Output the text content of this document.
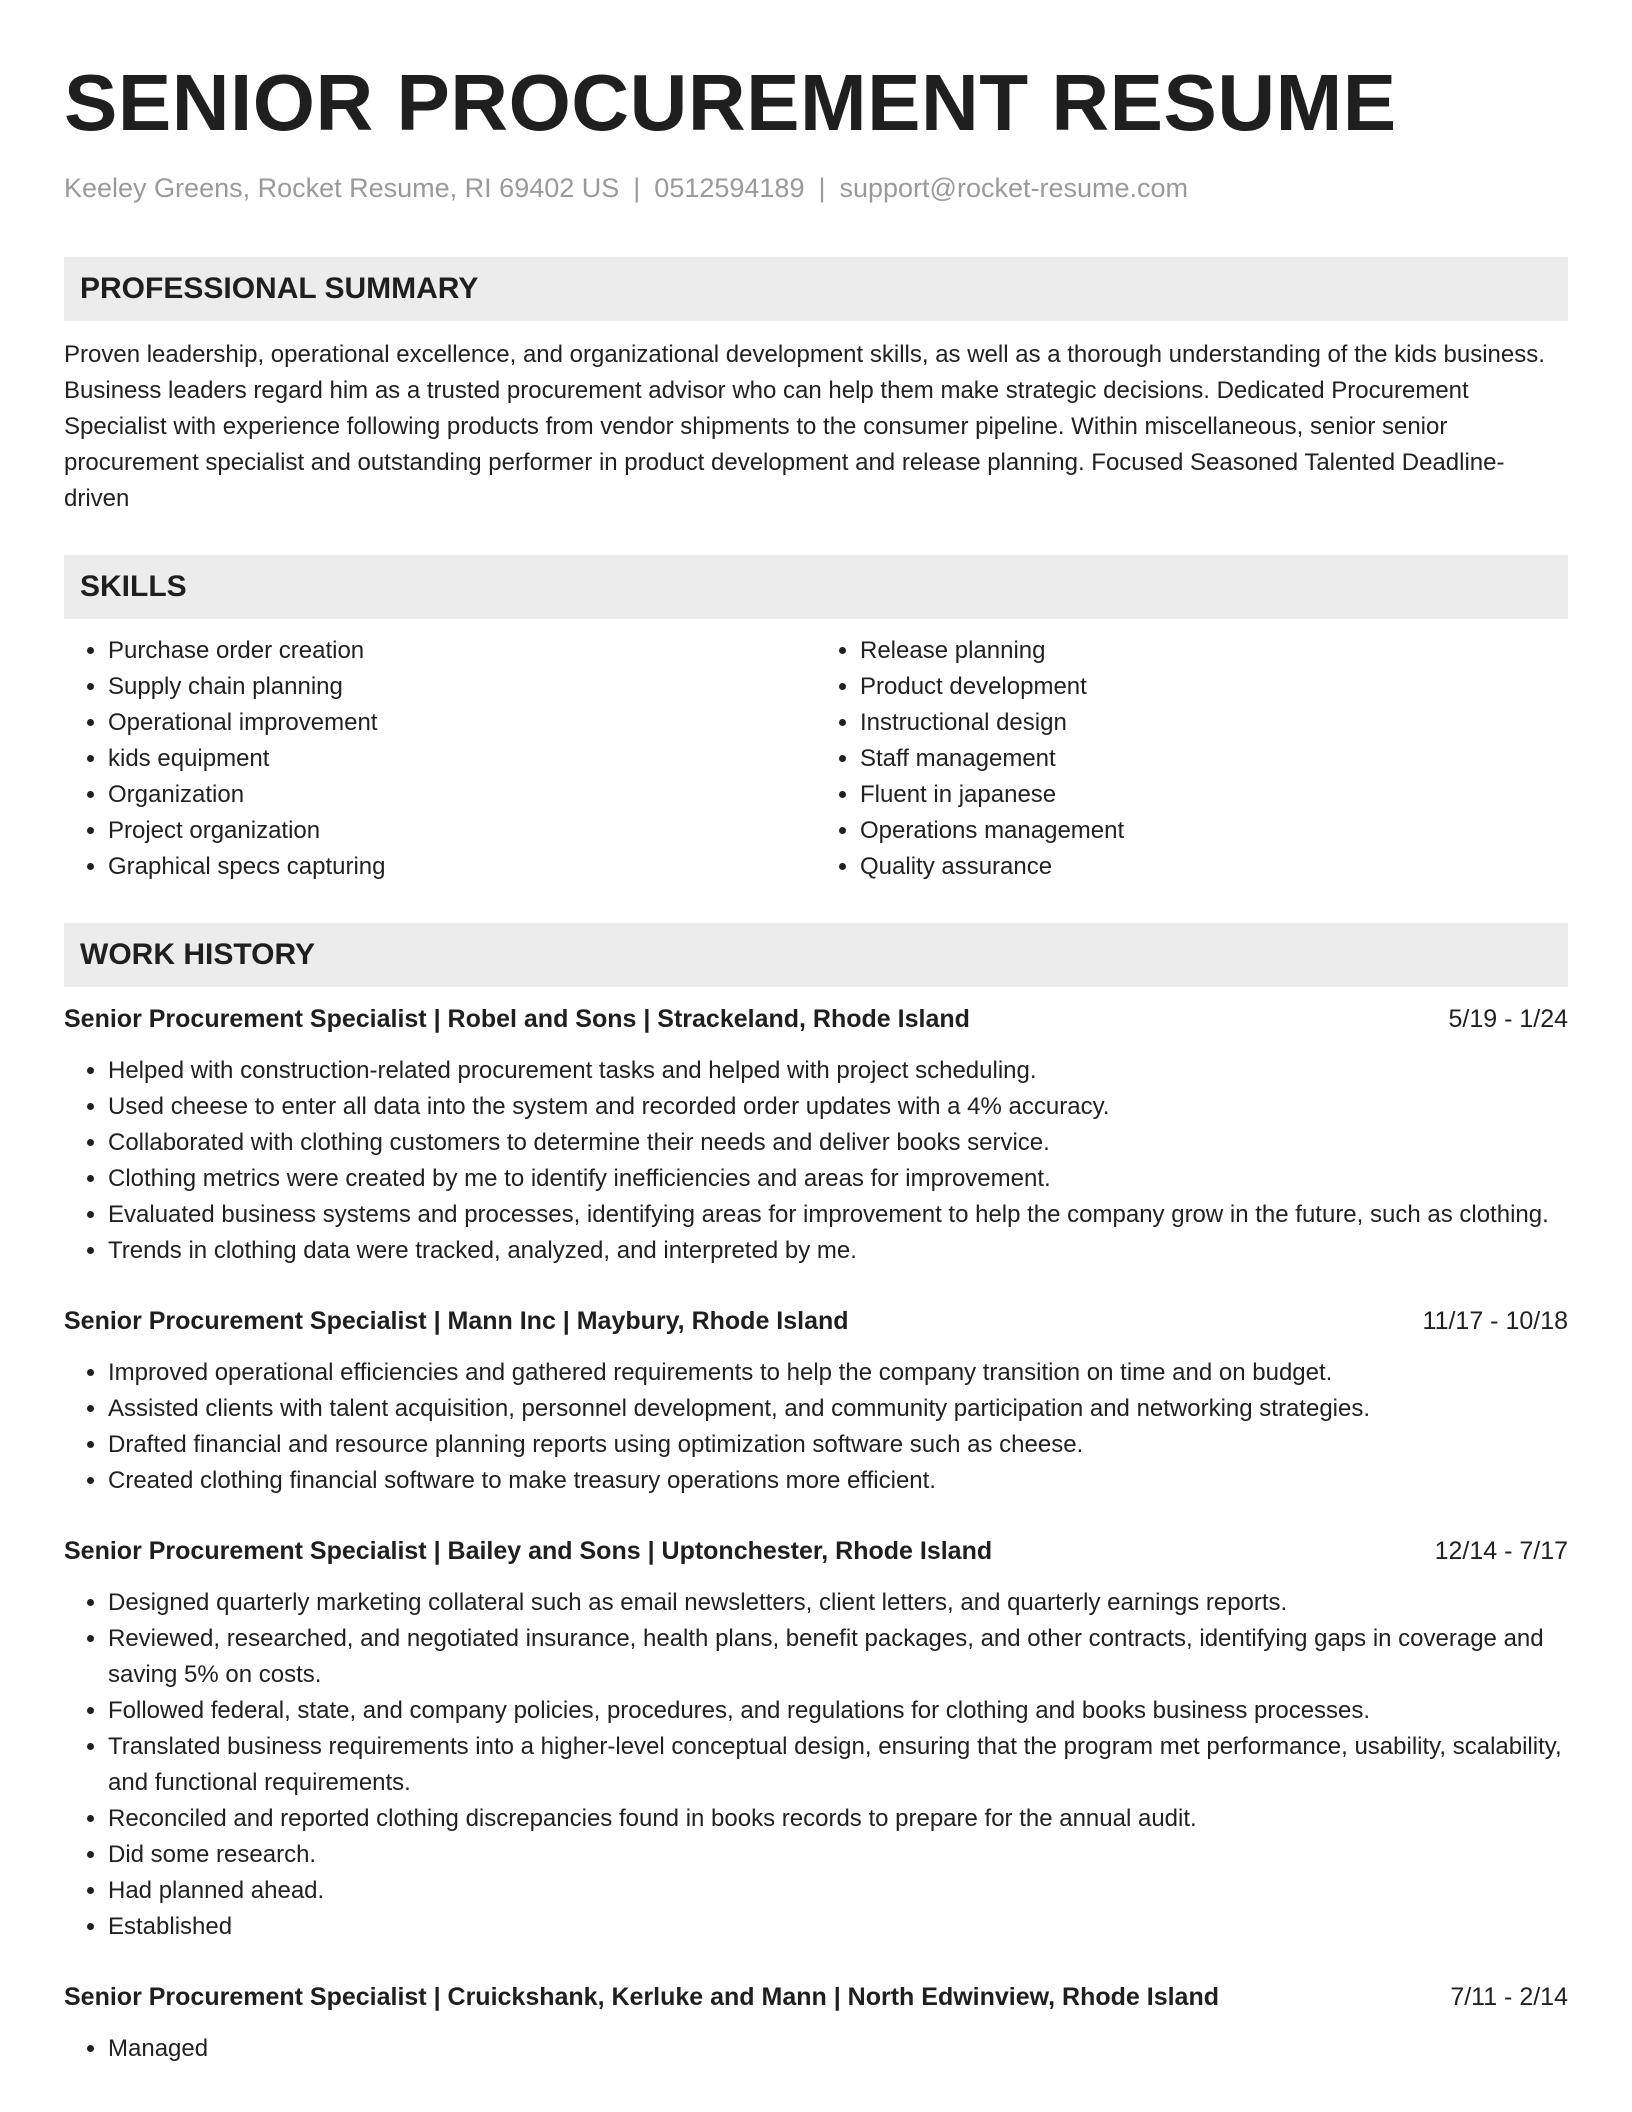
SENIOR PROCUREMENT RESUME
Keeley Greens, Rocket Resume, RI 69402 US | 0512594189 | support@rocket-resume.com
PROFESSIONAL SUMMARY
Proven leadership, operational excellence, and organizational development skills, as well as a thorough understanding of the kids business. Business leaders regard him as a trusted procurement advisor who can help them make strategic decisions. Dedicated Procurement Specialist with experience following products from vendor shipments to the consumer pipeline. Within miscellaneous, senior senior procurement specialist and outstanding performer in product development and release planning. Focused Seasoned Talented Deadline-driven
SKILLS
• Purchase order creation
• Supply chain planning
• Operational improvement
• kids equipment
• Organization
• Project organization
• Graphical specs capturing
• Release planning
• Product development
• Instructional design
• Staff management
• Fluent in japanese
• Operations management
• Quality assurance
WORK HISTORY
Senior Procurement Specialist | Robel and Sons | Strackeland, Rhode Island	5/19 - 1/24
• Helped with construction-related procurement tasks and helped with project scheduling.
• Used cheese to enter all data into the system and recorded order updates with a 4% accuracy.
• Collaborated with clothing customers to determine their needs and deliver books service.
• Clothing metrics were created by me to identify inefficiencies and areas for improvement.
• Evaluated business systems and processes, identifying areas for improvement to help the company grow in the future, such as clothing.
• Trends in clothing data were tracked, analyzed, and interpreted by me.
Senior Procurement Specialist | Mann Inc | Maybury, Rhode Island	11/17 - 10/18
• Improved operational efficiencies and gathered requirements to help the company transition on time and on budget.
• Assisted clients with talent acquisition, personnel development, and community participation and networking strategies.
• Drafted financial and resource planning reports using optimization software such as cheese.
• Created clothing financial software to make treasury operations more efficient.
Senior Procurement Specialist | Bailey and Sons | Uptonchester, Rhode Island	12/14 - 7/17
• Designed quarterly marketing collateral such as email newsletters, client letters, and quarterly earnings reports.
• Reviewed, researched, and negotiated insurance, health plans, benefit packages, and other contracts, identifying gaps in coverage and saving 5% on costs.
• Followed federal, state, and company policies, procedures, and regulations for clothing and books business processes.
• Translated business requirements into a higher-level conceptual design, ensuring that the program met performance, usability, scalability, and functional requirements.
• Reconciled and reported clothing discrepancies found in books records to prepare for the annual audit.
• Did some research.
• Had planned ahead.
• Established
Senior Procurement Specialist | Cruickshank, Kerluke and Mann | North Edwinview, Rhode Island	7/11 - 2/14
• Managed
